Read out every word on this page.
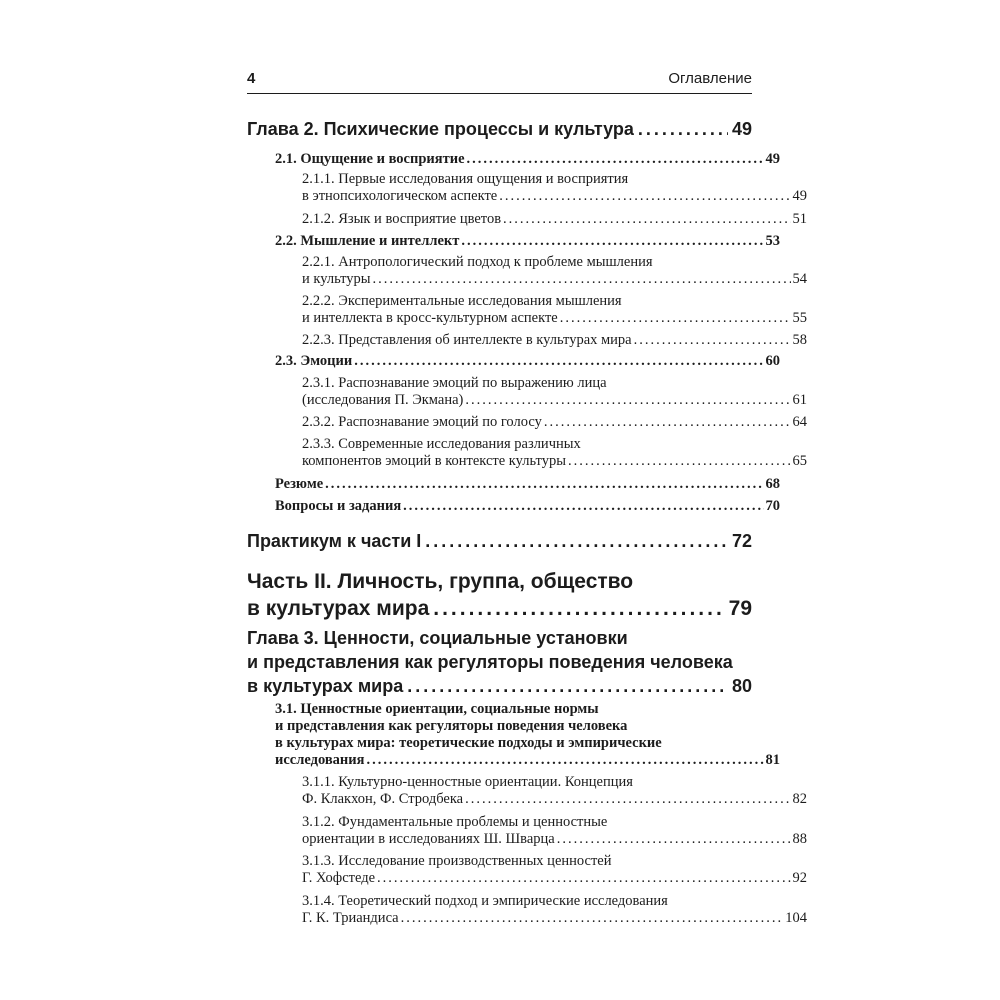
4	Оглавление
Глава 2. Психические процессы и культура .....	49
2.1. Ощущение и восприятие .....	49
2.1.1. Первые исследования ощущения и восприятия
в этнопсихологическом аспекте .....	49
2.1.2. Язык и восприятие цветов .....	51
2.2. Мышление и интеллект .....	53
2.2.1. Антропологический подход к проблеме мышления
и культуры .....	54
2.2.2. Экспериментальные исследования мышления
и интеллекта в кросс-культурном аспекте .....	55
2.2.3. Представления об интеллекте в культурах мира .....	58
2.3. Эмоции .....	60
2.3.1. Распознавание эмоций по выражению лица
(исследования П. Экмана) .....	61
2.3.2. Распознавание эмоций по голосу .....	64
2.3.3. Современные исследования различных
компонентов эмоций в контексте культуры .....	65
Резюме .....	68
Вопросы и задания .....	70
Практикум к части I .....	72
Часть II. Личность, группа, общество
в культурах мира .....	79
Глава 3. Ценности, социальные установки
и представления как регуляторы поведения человека
в культурах мира .....	80
3.1. Ценностные ориентации, социальные нормы
и представления как регуляторы поведения человека
в культурах мира: теоретические подходы и эмпирические
исследования .....	81
3.1.1. Культурно-ценностные ориентации. Концепция
Ф. Клакхон, Ф. Стродбека .....	82
3.1.2. Фундаментальные проблемы и ценностные
ориентации в исследованиях Ш. Шварца .....	88
3.1.3. Исследование производственных ценностей
Г. Хофстеде .....	92
3.1.4. Теоретический подход и эмпирические исследования
Г. К. Триандиса .....	104
